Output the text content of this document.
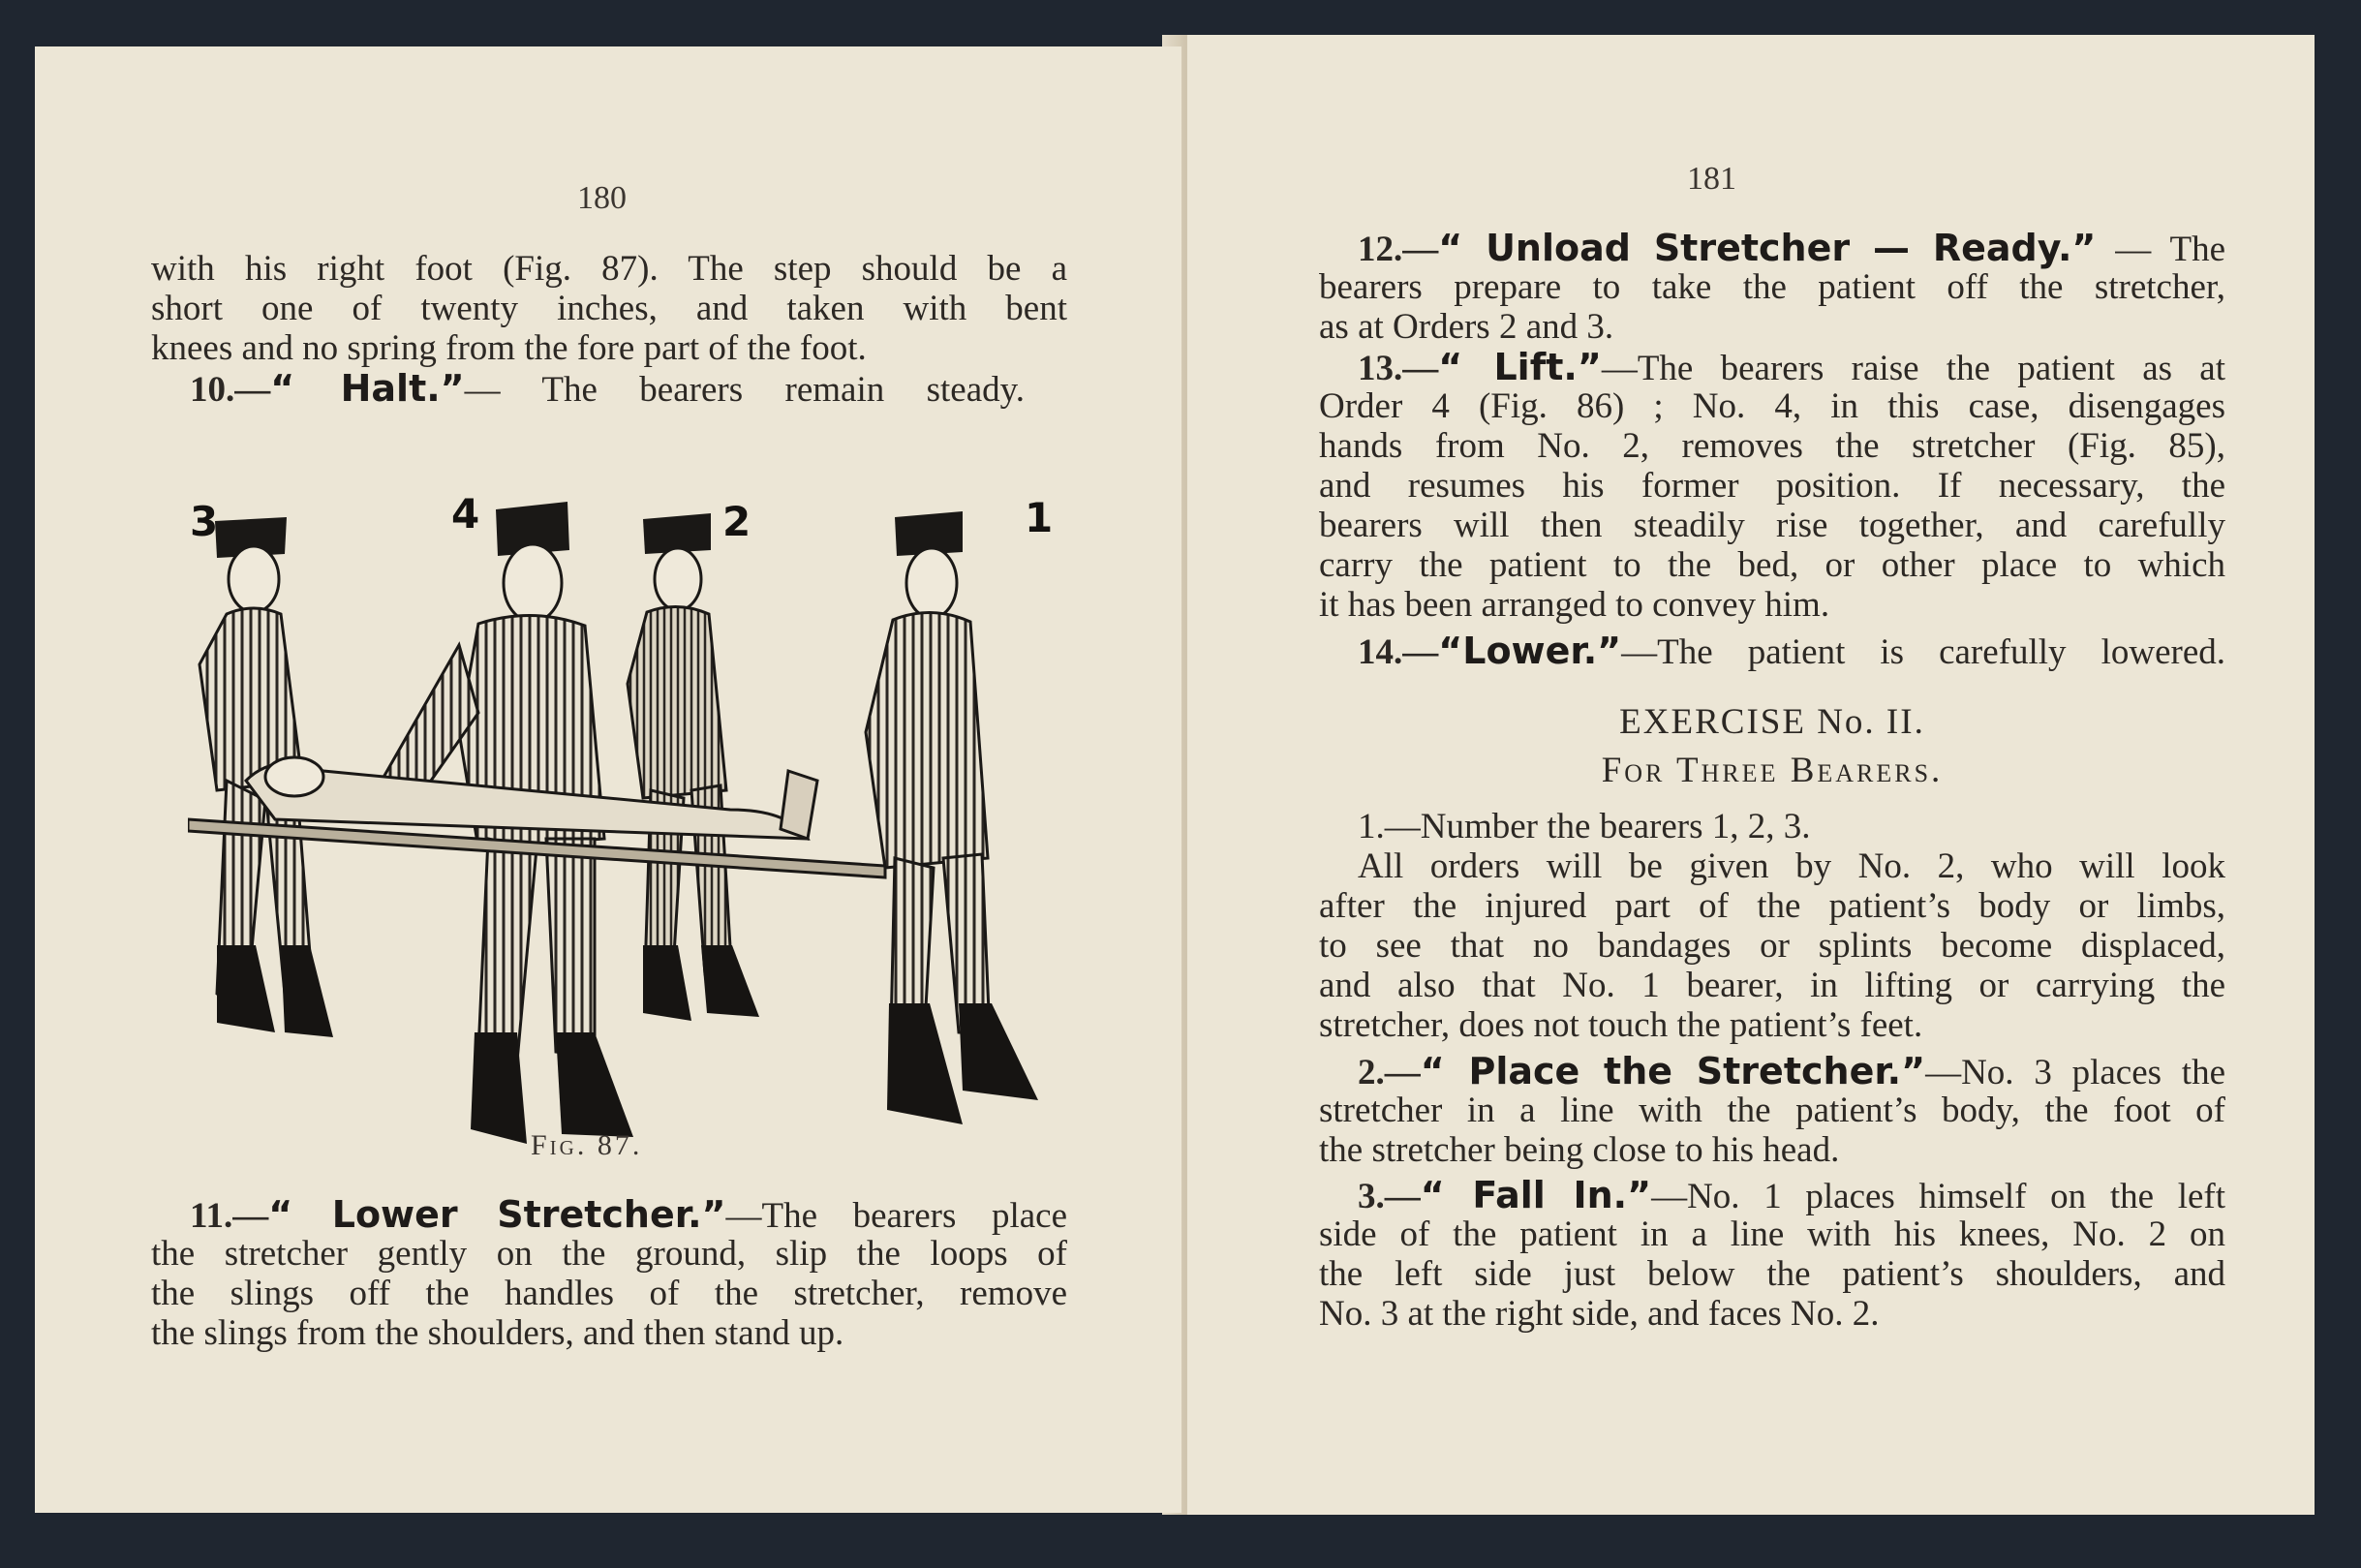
180

with his right foot (Fig. 87). The step should be a

short one of twenty inches, and taken with bent

knees and no spring from the fore part of the foot.

10.—“ Halt.”— The bearers remain steady.

3	4	2	1
Fig. 87.

11.—“ Lower Stretcher.”—The bearers place

the stretcher gently on the ground, slip the loops of

the slings off the handles of the stretcher, remove

the slings from the shoulders, and then stand up.

181

12.—“ Unload Stretcher — Ready.” — The

bearers prepare to take the patient off the stretcher,

as at Orders 2 and 3.

13.—“ Lift.”—The bearers raise the patient as at

Order 4 (Fig. 86) ; No. 4, in this case, disengages

hands from No. 2, removes the stretcher (Fig. 85),

and resumes his former position. If necessary, the

bearers will then steadily rise together, and carefully

carry the patient to the bed, or other place to which

it has been arranged to convey him.

14.—“Lower.”—The patient is carefully lowered.

EXERCISE No. II.
For Three Bearers.

1.—Number the bearers 1, 2, 3.

All orders will be given by No. 2, who will look

after the injured part of the patient’s body or limbs,

to see that no bandages or splints become displaced,

and also that No. 1 bearer, in lifting or carrying the

stretcher, does not touch the patient’s feet.

2.—“ Place the Stretcher.”—No. 3 places the

stretcher in a line with the patient’s body, the foot of

the stretcher being close to his head.

3.—“ Fall In.”—No. 1 places himself on the left

side of the patient in a line with his knees, No. 2 on

the left side just below the patient’s shoulders, and

No. 3 at the right side, and faces No. 2.
